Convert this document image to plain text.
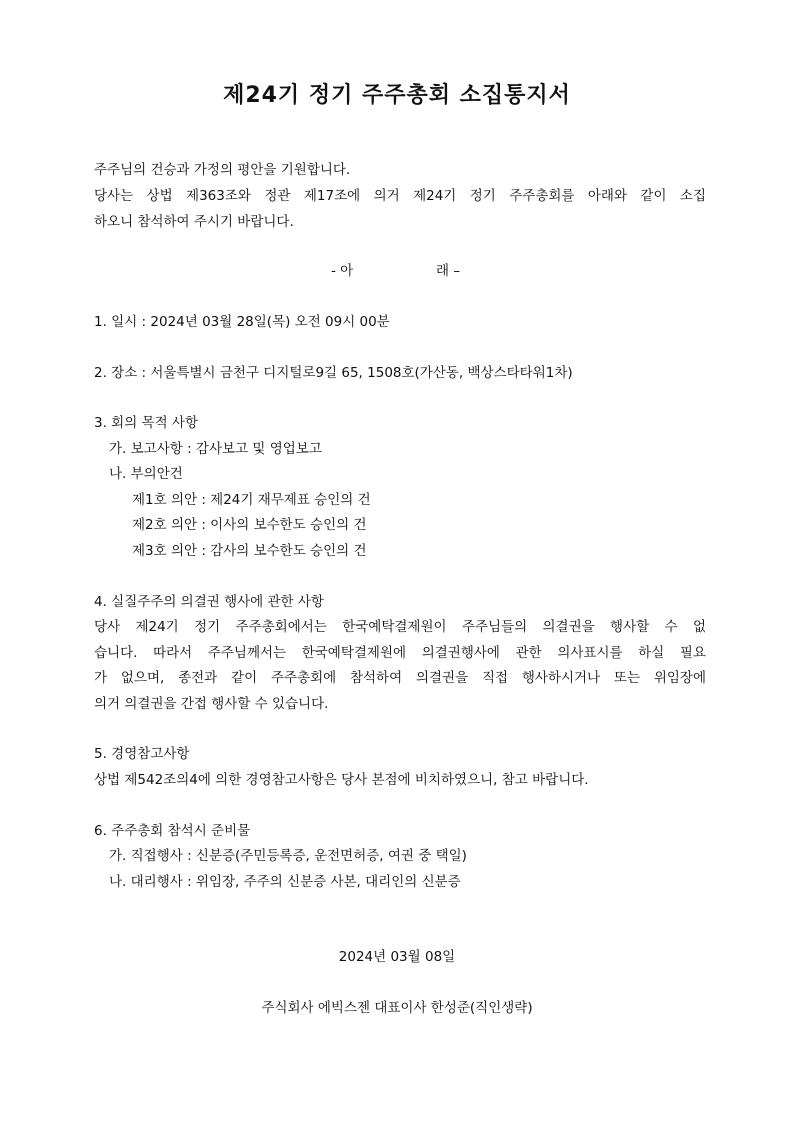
제24기 정기 주주총회 소집통지서
주주님의 건승과 가정의 평안을 기원합니다.
당사는 상법 제363조와 정관 제17조에 의거 제24기 정기 주주총회를 아래와 같이 소집
하오니 참석하여 주시기 바랍니다.
- 아	래 –
1. 일시 : 2024년 03월 28일(목) 오전 09시 00분
2. 장소 : 서울특별시 금천구 디지털로9길 65, 1508호(가산동, 백상스타타워1차)
3. 회의 목적 사항
가. 보고사항 : 감사보고 및 영업보고
나. 부의안건
제1호 의안 : 제24기 재무제표 승인의 건
제2호 의안 : 이사의 보수한도 승인의 건
제3호 의안 : 감사의 보수한도 승인의 건
4. 실질주주의 의결권 행사에 관한 사항
당사 제24기 정기 주주총회에서는 한국예탁결제원이 주주님들의 의결권을 행사할 수 없
습니다. 따라서 주주님께서는 한국예탁결제원에 의결권행사에 관한 의사표시를 하실 필요
가 없으며, 종전과 같이 주주총회에 참석하여 의결권을 직접 행사하시거나 또는 위임장에
의거 의결권을 간접 행사할 수 있습니다.
5. 경영참고사항
상법 제542조의4에 의한 경영참고사항은 당사 본점에 비치하였으니, 참고 바랍니다.
6. 주주총회 참석시 준비물
가. 직접행사 : 신분증(주민등록증, 운전면허증, 여권 중 택일)
나. 대리행사 : 위임장, 주주의 신분증 사본, 대리인의 신분증
2024년 03월 08일
주식회사 에빅스젠 대표이사 한성준(직인생략)
